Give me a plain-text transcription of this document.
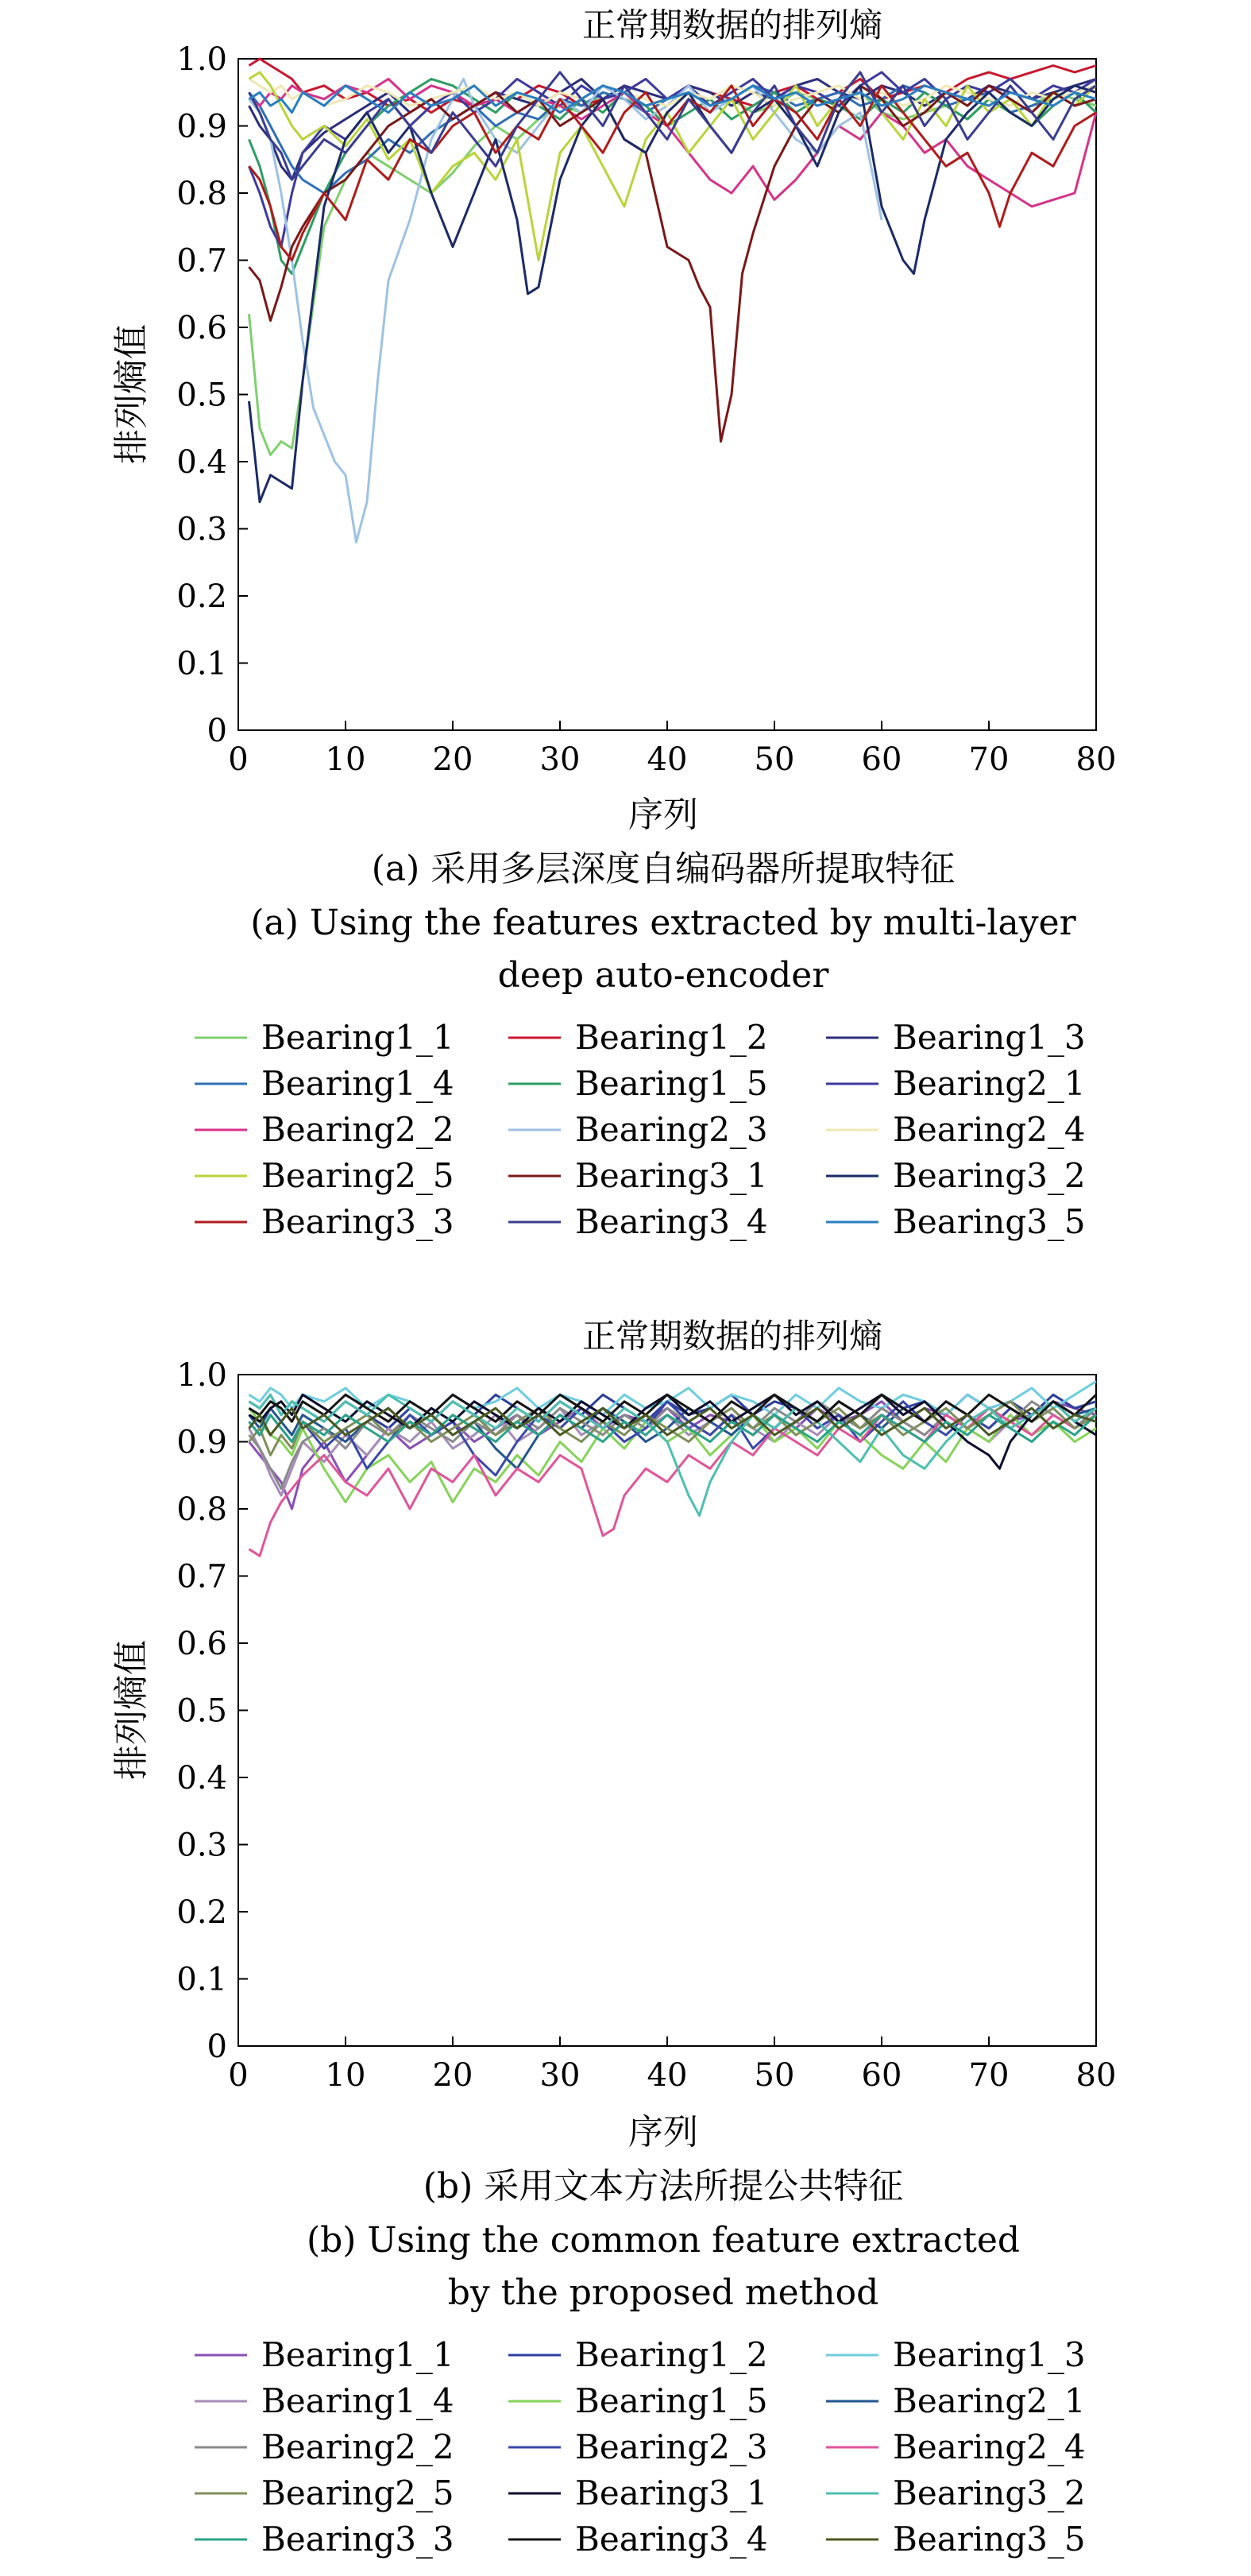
正常期数据的排列熵
0 10 20 30 40 50 60 70 80
0
0.1
0.2
0.3
0.4
0.5
0.6
0.7
0.8
0.9
1.0
序列
排列熵值
(a) 采用多层深度自编码器所提取特征
(a) Using the features extracted by multi-layer
deep auto-encoder
Bearing1_1	Bearing1_2	Bearing1_3
Bearing1_4	Bearing1_5	Bearing2_1
Bearing2_2	Bearing2_3	Bearing2_4
Bearing2_5	Bearing3_1	Bearing3_2
Bearing3_3	Bearing3_4	Bearing3_5
正常期数据的排列熵
0 10 20 30 40 50 60 70 80
0
0.1
0.2
0.3
0.4
0.5
0.6
0.7
0.8
0.9
1.0
序列
排列熵值
(b) 采用文本方法所提公共特征
(b) Using the common feature extracted
by the proposed method
Bearing1_1	Bearing1_2	Bearing1_3
Bearing1_4	Bearing1_5	Bearing2_1
Bearing2_2	Bearing2_3	Bearing2_4
Bearing2_5	Bearing3_1	Bearing3_2
Bearing3_3	Bearing3_4	Bearing3_5
